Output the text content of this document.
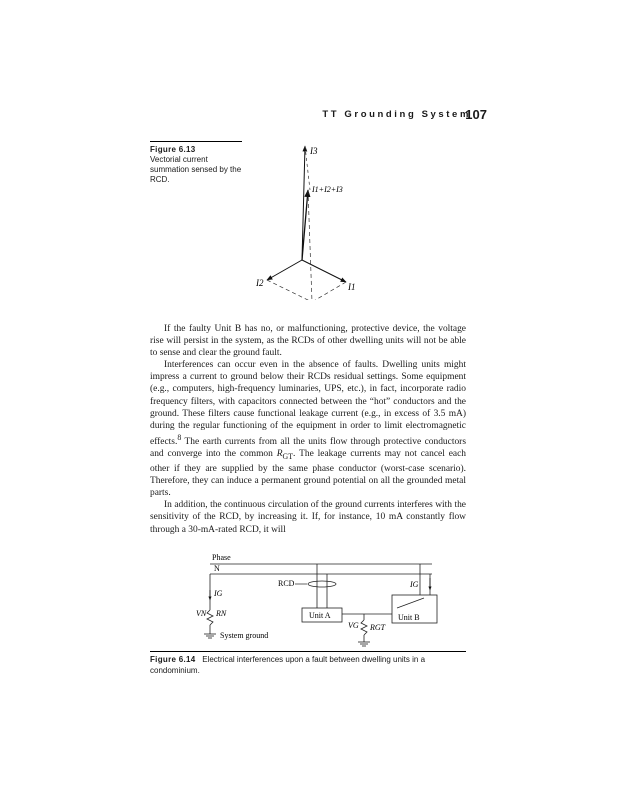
TT Grounding System
107
Figure 6.13
Vectorial current summation sensed by the RCD.
I3
I1+I2+I3
I2	I1

If the faulty Unit B has no, or malfunctioning, protective device, the voltage rise will persist in the system, as the RCDs of other dwelling units will not be able to sense and clear the ground fault.

Interferences can occur even in the absence of faults. Dwelling units might impress a current to ground below their RCDs residual settings. Some equipment (e.g., computers, high-frequency luminaries, UPS, etc.), in fact, incorporate radio frequency filters, with capacitors connected between the “hot” conductors and the ground. These filters cause functional leakage current (e.g., in excess of 3.5 mA) during the regular functioning of the equipment in order to limit electromagnetic effects.$^8$ The earth currents from all the units flow through protective conductors and converge into the common $R_{GT}$. The leakage currents may not cancel each other if they are supplied by the same phase conductor (worst-case scenario). Therefore, they can induce a permanent ground potential on all the grounded metal parts.

In addition, the continuous circulation of the ground currents interferes with the sensitivity of the RCD, by increasing it. If, for instance, 10 mA constantly flow through a 30-mA-rated RCD, it will

Phase
N
IG
VN RN
System ground
RCD
Unit A
VG RGT
IG
Unit B
Figure 6.14 Electrical interferences upon a fault between dwelling units in a condominium.
